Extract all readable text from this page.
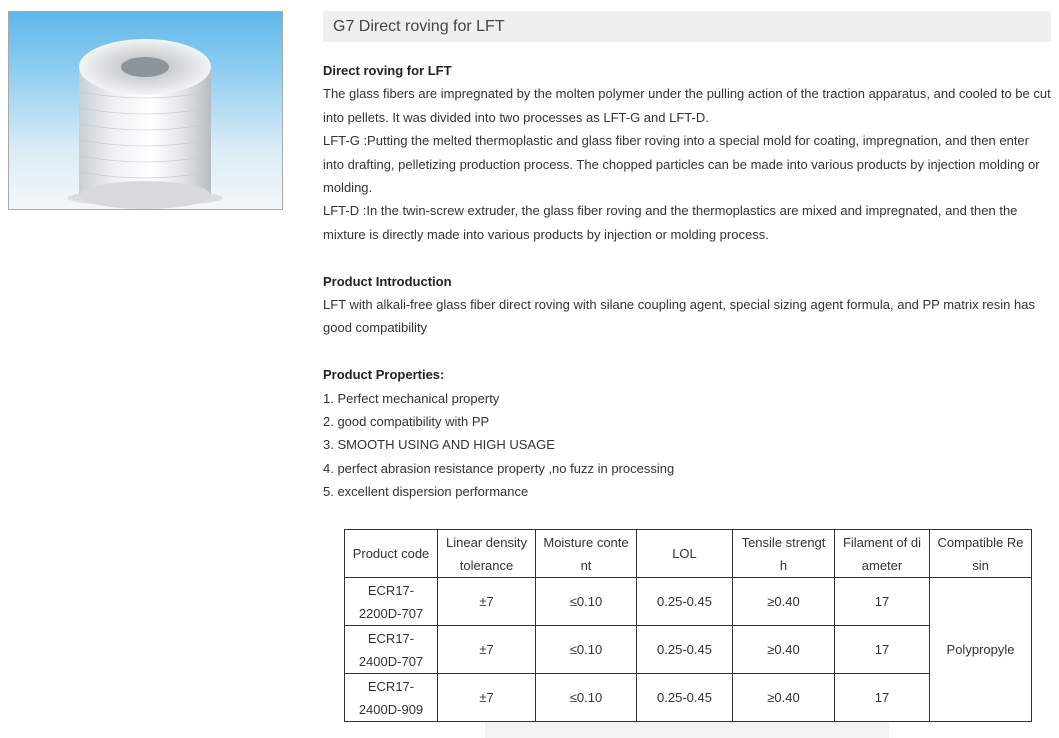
G7 Direct roving for LFT

Direct roving for LFT

The glass fibers are impregnated by the molten polymer under the pulling action of the traction apparatus, and cooled to be cut into pellets. It was divided into two processes as LFT-G and LFT-D.

LFT-G :Putting the melted thermoplastic and glass fiber roving into a special mold for coating, impregnation, and then enter into drafting, pelletizing production process. The chopped particles can be made into various products by injection molding or molding.

LFT-D :In the twin-screw extruder, the glass fiber roving and the thermoplastics are mixed and impregnated, and then the mixture is directly made into various products by injection or molding process.

Product Introduction

LFT with alkali-free glass fiber direct roving with silane coupling agent, special sizing agent formula, and PP matrix resin has good compatibility

Product Properties:

1. Perfect mechanical property

2. good compatibility with PP

3. SMOOTH USING AND HIGH USAGE

4. perfect abrasion resistance property ,no fuzz in processing

5. excellent dispersion performance

Product code	Linear density tolerance	Moisture conte nt	LOL	Tensile strengt h	Filament of di ameter	Compatible Re sin
ECR17-2200D-707	±7	≤0.10	0.25-0.45	≥0.40	17	Polypropyle
ECR17-2400D-707	±7	≤0.10	0.25-0.45	≥0.40	17	
ECR17-2400D-909	±7	≤0.10	0.25-0.45	≥0.40	17	
